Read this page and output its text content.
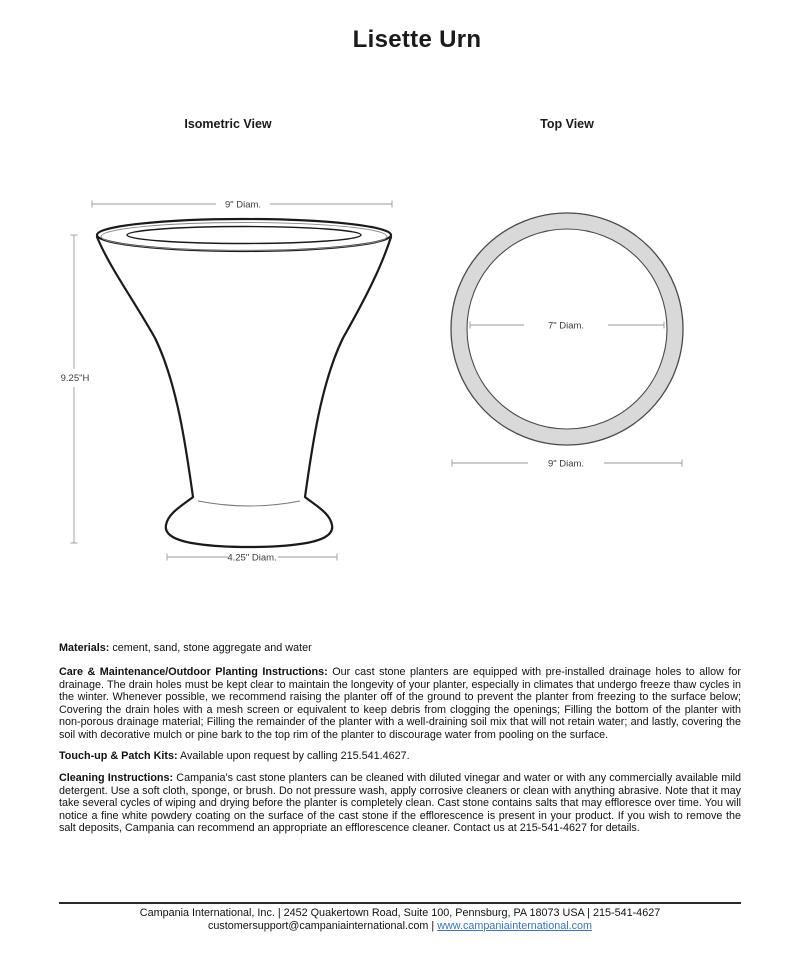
Lisette Urn
Isometric View	Top View
9" Diam.
9.25"H
4.25" Diam.
7" Diam.
9" Diam.
Materials: cement, sand, stone aggregate and water
Care & Maintenance/Outdoor Planting Instructions: Our cast stone planters are equipped with pre-installed drainage holes to allow for drainage. The drain holes must be kept clear to maintain the longevity of your planter, especially in climates that undergo freeze thaw cycles in the winter. Whenever possible, we recommend raising the planter off of the ground to prevent the planter from freezing to the surface below; Covering the drain holes with a mesh screen or equivalent to keep debris from clogging the openings; Filling the bottom of the planter with non-porous drainage material; Filling the remainder of the planter with a well-draining soil mix that will not retain water; and lastly, covering the soil with decorative mulch or pine bark to the top rim of the planter to discourage water from pooling on the surface.
Touch-up & Patch Kits: Available upon request by calling 215.541.4627.
Cleaning Instructions: Campania's cast stone planters can be cleaned with diluted vinegar and water or with any commercially available mild detergent. Use a soft cloth, sponge, or brush. Do not pressure wash, apply corrosive cleaners or clean with anything abrasive. Note that it may take several cycles of wiping and drying before the planter is completely clean. Cast stone contains salts that may effloresce over time. You will notice a fine white powdery coating on the surface of the cast stone if the efflorescence is present in your product. If you wish to remove the salt deposits, Campania can recommend an appropriate an efflorescence cleaner. Contact us at 215-541-4627 for details.
Campania International, Inc. | 2452 Quakertown Road, Suite 100, Pennsburg, PA 18073 USA | 215-541-4627
customersupport@campaniainternational.com | www.campaniainternational.com
